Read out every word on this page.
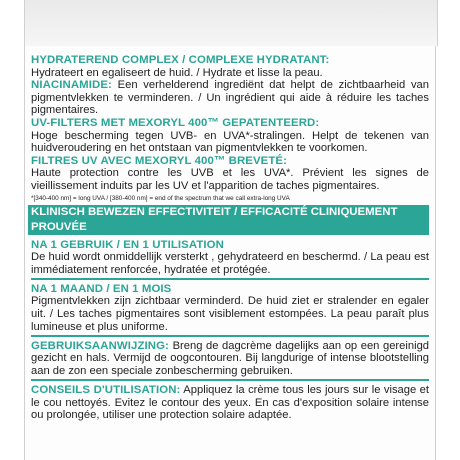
HYDRATEREND COMPLEX / COMPLEXE HYDRATANT:
Hydrateert en egaliseert de huid. / Hydrate et lisse la peau.
NIACINAMIDE: Een verhelderend ingrediënt dat helpt de zichtbaarheid van pigmentvlekken te verminderen. / Un ingrédient qui aide à réduire les taches pigmentaires.
UV-FILTERS MET MEXORYL 400™ GEPATENTEERD:
Hoge bescherming tegen UVB- en UVA*-stralingen. Helpt de tekenen van huidveroudering en het ontstaan van pigmentvlekken te voorkomen.
FILTRES UV AVEC MEXORYL 400™ BREVETÉ:
Haute protection contre les UVB et les UVA*. Prévient les signes de vieillissement induits par les UV et l'apparition de taches pigmentaires.
*[340-400 nm] = long UVA / [380-400 nm] = end of the spectrum that we call extra-long UVA
KLINISCH BEWEZEN EFFECTIVITEIT / EFFICACITÉ CLINIQUEMENT PROUVÉE
NA 1 GEBRUIK / EN 1 UTILISATION
De huid wordt onmiddellijk versterkt , gehydrateerd en beschermd. / La peau est immédiatement renforcée, hydratée et protégée.
NA 1 MAAND / EN 1 MOIS
Pigmentvlekken zijn zichtbaar verminderd. De huid ziet er stralender en egaler uit. / Les taches pigmentaires sont visiblement estompées. La peau paraît plus lumineuse et plus uniforme.
GEBRUIKSAANWIJZING: Breng de dagcrème dagelijks aan op een gereinigd gezicht en hals. Vermijd de oogcontouren. Bij langdurige of intense blootstelling aan de zon een speciale zonbescherming gebruiken.
CONSEILS D'UTILISATION: Appliquez la crème tous les jours sur le visage et le cou nettoyés. Evitez le contour des yeux. En cas d'exposition solaire intense ou prolongée, utiliser une protection solaire adaptée.
